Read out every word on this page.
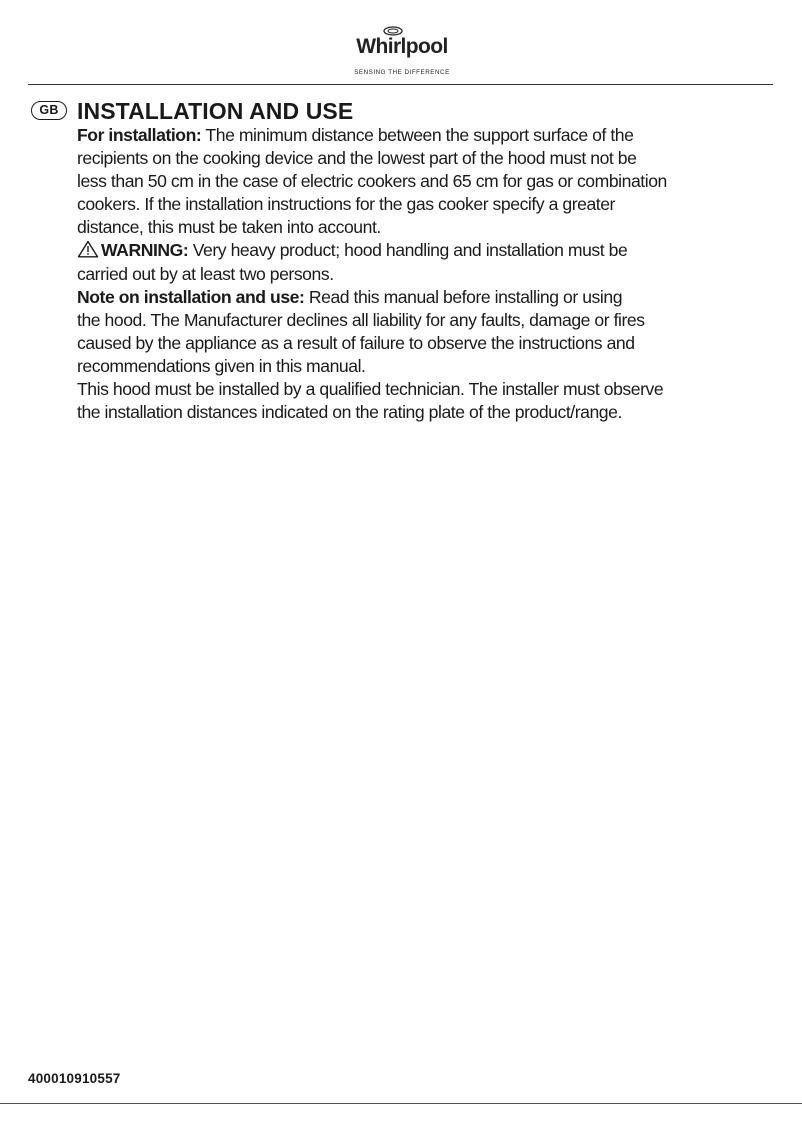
Whirlpool
SENSING THE DIFFERENCE
GB INSTALLATION AND USE

For installation: The minimum distance between the support surface of the
recipients on the cooking device and the lowest part of the hood must not be
less than 50 cm in the case of electric cookers and 65 cm for gas or combination
cookers. If the installation instructions for the gas cooker specify a greater
distance, this must be taken into account.

WARNING: Very heavy product; hood handling and installation must be
carried out by at least two persons.

Note on installation and use: Read this manual before installing or using
the hood. The Manufacturer declines all liability for any faults, damage or fires
caused by the appliance as a result of failure to observe the instructions and
recommendations given in this manual.

This hood must be installed by a qualified technician. The installer must observe
the installation distances indicated on the rating plate of the product/range.

400010910557
